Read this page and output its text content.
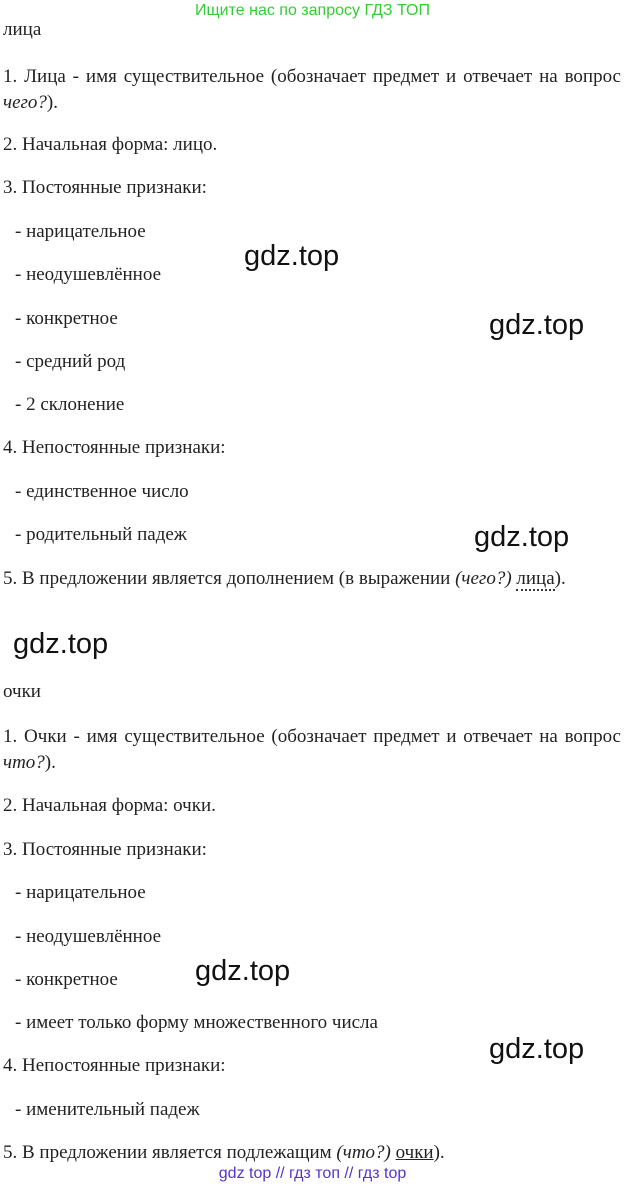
Ищите нас по запросу ГДЗ ТОП
лица
1. Лица - имя существительное (обозначает предмет и отвечает на вопрос чего?).
2. Начальная форма: лицо.
3. Постоянные признаки:
- нарицательное
- неодушевлённое
- конкретное
- средний род
- 2 склонение
4. Непостоянные признаки:
- единственное число
- родительный падеж
5. В предложении является дополнением (в выражении (чего?) лица).
очки
1. Очки - имя существительное (обозначает предмет и отвечает на вопрос что?).
2. Начальная форма: очки.
3. Постоянные признаки:
- нарицательное
- неодушевлённое
- конкретное
- имеет только форму множественного числа
4. Непостоянные признаки:
- именительный падеж
5. В предложении является подлежащим (что?) очки).
gdz.top
gdz.top
gdz.top
gdz.top
gdz.top
gdz.top
gdz top // гдз топ // гдз top
